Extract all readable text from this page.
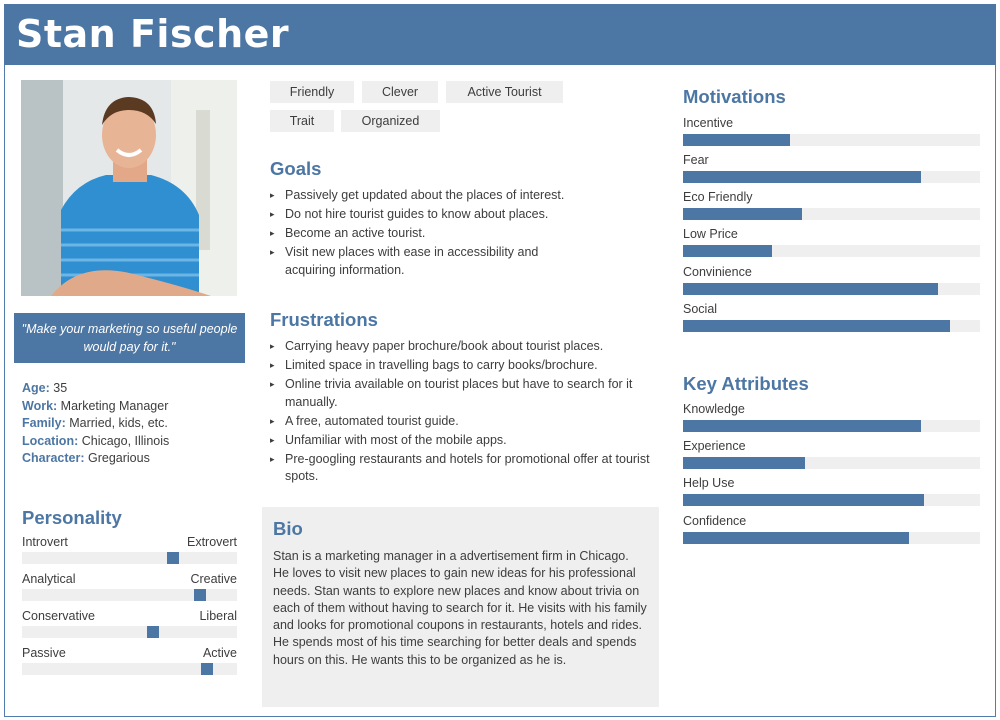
Stan Fischer
"Make your marketing so useful people would pay for it."
Age: 35
Work: Marketing Manager
Family: Married, kids, etc.
Location: Chicago, Illinois
Character: Gregarious
Personality
Introvert	Extrovert
Analytical	Creative
Conservative	Liberal
Passive	Active
Friendly	Clever	Active Tourist
Trait	Organized
Goals
▸ Passively get updated about the places of interest.
▸ Do not hire tourist guides to know about places.
▸ Become an active tourist.
▸ Visit new places with ease in accessibility and acquiring information.
Frustrations
▸ Carrying heavy paper brochure/book about tourist places.
▸ Limited space in travelling bags to carry books/brochure.
▸ Online trivia available on tourist places but have to search for it manually.
▸ A free, automated tourist guide.
▸ Unfamiliar with most of the mobile apps.
▸ Pre-googling restaurants and hotels for promotional offer at tourist spots.
Bio

Stan is a marketing manager in a advertisement firm in Chicago. He loves to visit new places to gain new ideas for his professional needs. Stan wants to explore new places and know about trivia on each of them without having to search for it. He visits with his family and looks for promotional coupons in restaurants, hotels and rides. He spends most of his time searching for better deals and spends hours on this. He wants this to be organized as he is.

Motivations
Incentive
Fear
Eco Friendly
Low Price
Convinience
Social
Key Attributes
Knowledge
Experience
Help Use
Confidence
